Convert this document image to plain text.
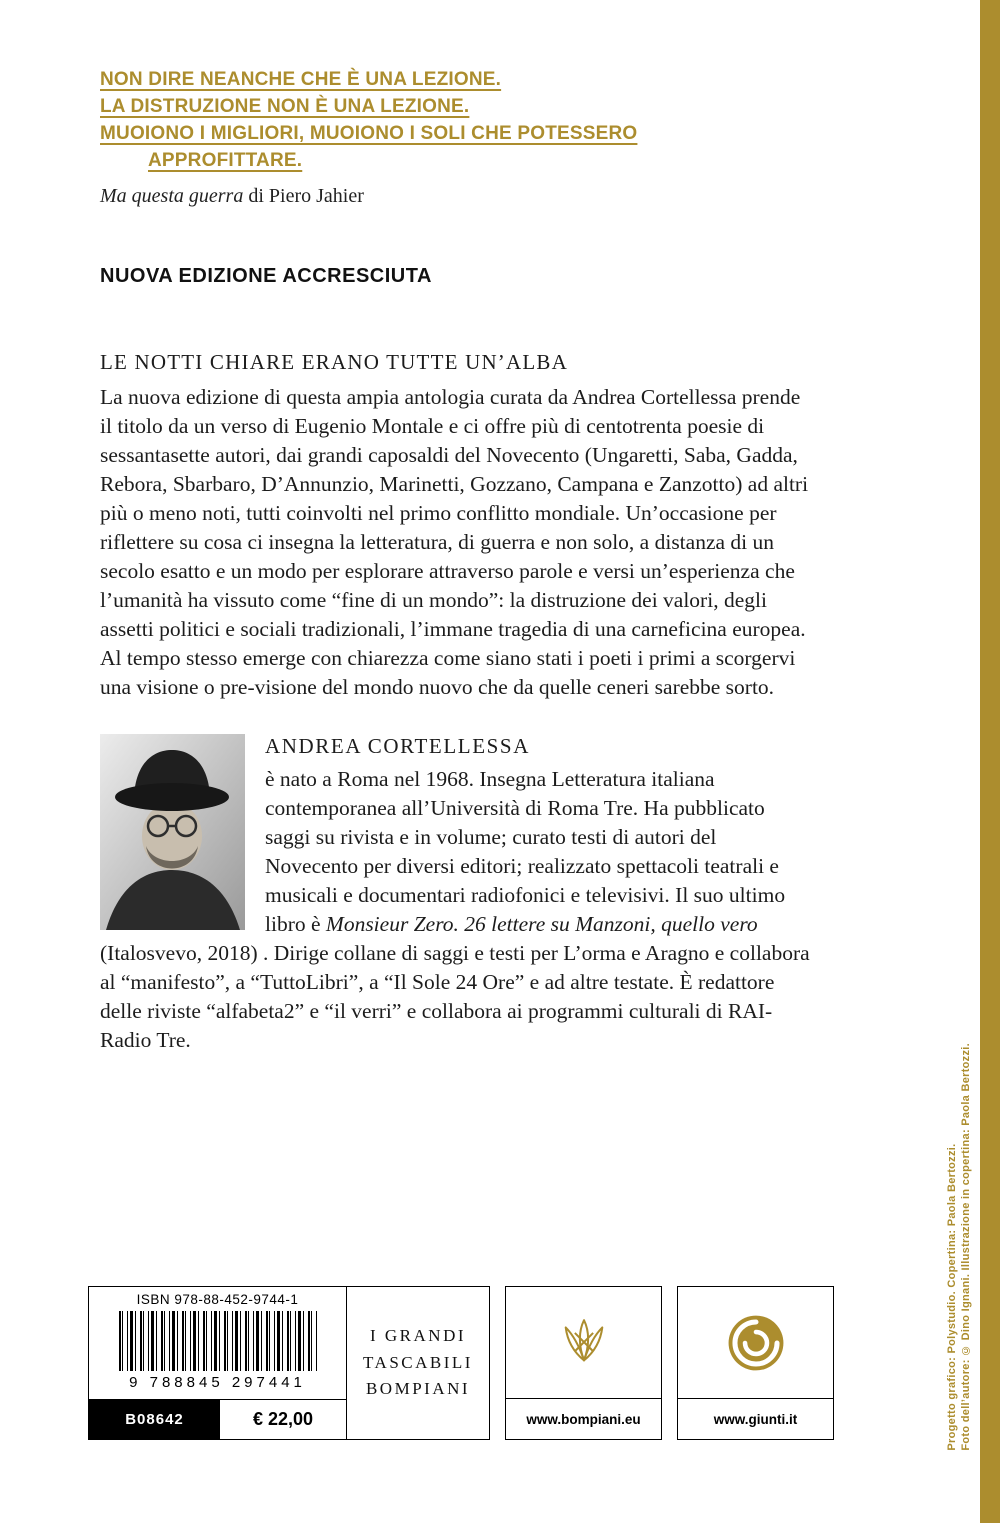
Foto dell’autore: © Dino Ignani. Illustrazione in copertina: Paola Bertozzi.
Progetto grafico: Polystudio. Copertina: Paola Bertozzi.
NON DIRE NEANCHE CHE È UNA LEZIONE.
LA DISTRUZIONE NON È UNA LEZIONE.
MUOIONO I MIGLIORI, MUOIONO I SOLI CHE POTESSERO
APPROFITTARE.
Ma questa guerra di Piero Jahier
NUOVA EDIZIONE ACCRESCIUTA
LE NOTTI CHIARE ERANO TUTTE UN’ALBA

La nuova edizione di questa ampia antologia curata da Andrea Cortellessa prende il titolo da un verso di Eugenio Montale e ci offre più di centotrenta poesie di sessantasette autori, dai grandi caposaldi del Novecento (Ungaretti, Saba, Gadda, Rebora, Sbarbaro, D’Annunzio, Marinetti, Gozzano, Campana e Zanzotto) ad altri più o meno noti, tutti coinvolti nel primo conflitto mondiale. Un’occasione per riflettere su cosa ci insegna la letteratura, di guerra e non solo, a distanza di un secolo esatto e un modo per esplorare attraverso parole e versi un’esperienza che l’umanità ha vissuto come “fine di un mondo”: la distruzione dei valori, degli assetti politici e sociali tradizionali, l’immane tragedia di una carneficina europea. Al tempo stesso emerge con chiarezza come siano stati i poeti i primi a scorgervi una visione o pre-visione del mondo nuovo che da quelle ceneri sarebbe sorto.

ANDREA CORTELLESSA

è nato a Roma nel 1968. Insegna Letteratura italiana contemporanea all’Università di Roma Tre. Ha pubblicato saggi su rivista e in volume; curato testi di autori del Novecento per diversi editori; realizzato spettacoli teatrali e musicali e documentari radiofonici e televisivi. Il suo ultimo libro è Monsieur Zero. 26 lettere su Manzoni, quello vero (Italosvevo, 2018) . Dirige collane di saggi e testi per L’orma e Aragno e collabora al “manifesto”, a “TuttoLibri”, a “Il Sole 24 Ore” e ad altre testate. È redattore delle riviste “alfabeta2” e “il verri” e collabora ai programmi culturali di RAI-Radio Tre.

ISBN 978-88-452-9744-1
9 788845 297441
I GRANDI
TASCABILI
BOMPIANI
B08642	€ 22,00	www.bompiani.eu	www.giunti.it
